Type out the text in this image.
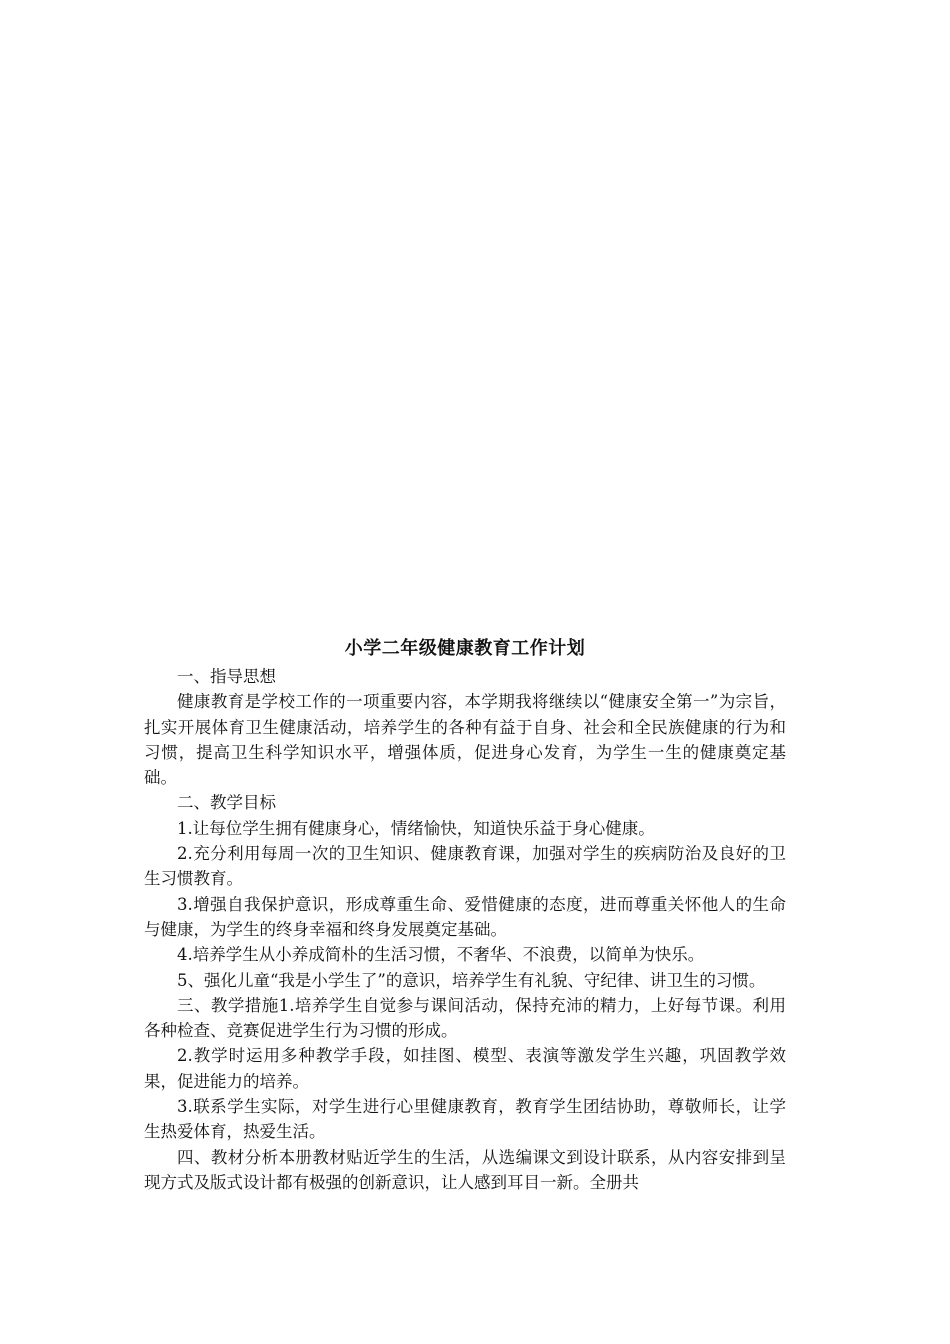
小学二年级健康教育工作计划

一、指导思想

健康教育是学校工作的一项重要内容，本学期我将继续以“健康安全第一”为宗旨，扎实开展体育卫生健康活动，培养学生的各种有益于自身、社会和全民族健康的行为和习惯，提高卫生科学知识水平，增强体质，促进身心发育，为学生一生的健康奠定基础。

二、教学目标

1.让每位学生拥有健康身心，情绪愉快，知道快乐益于身心健康。

2.充分利用每周一次的卫生知识、健康教育课，加强对学生的疾病防治及良好的卫生习惯教育。

3.增强自我保护意识，形成尊重生命、爱惜健康的态度，进而尊重关怀他人的生命与健康，为学生的终身幸福和终身发展奠定基础。

4.培养学生从小养成简朴的生活习惯，不奢华、不浪费，以简单为快乐。

5、强化儿童“我是小学生了”的意识，培养学生有礼貌、守纪律、讲卫生的习惯。

三、教学措施1.培养学生自觉参与课间活动，保持充沛的精力，上好每节课。利用各种检查、竞赛促进学生行为习惯的形成。

2.教学时运用多种教学手段，如挂图、模型、表演等激发学生兴趣，巩固教学效果，促进能力的培养。

3.联系学生实际，对学生进行心里健康教育，教育学生团结协助，尊敬师长，让学生热爱体育，热爱生活。

四、教材分析本册教材贴近学生的生活，从选编课文到设计联系，从内容安排到呈现方式及版式设计都有极强的创新意识，让人感到耳目一新。全册共
